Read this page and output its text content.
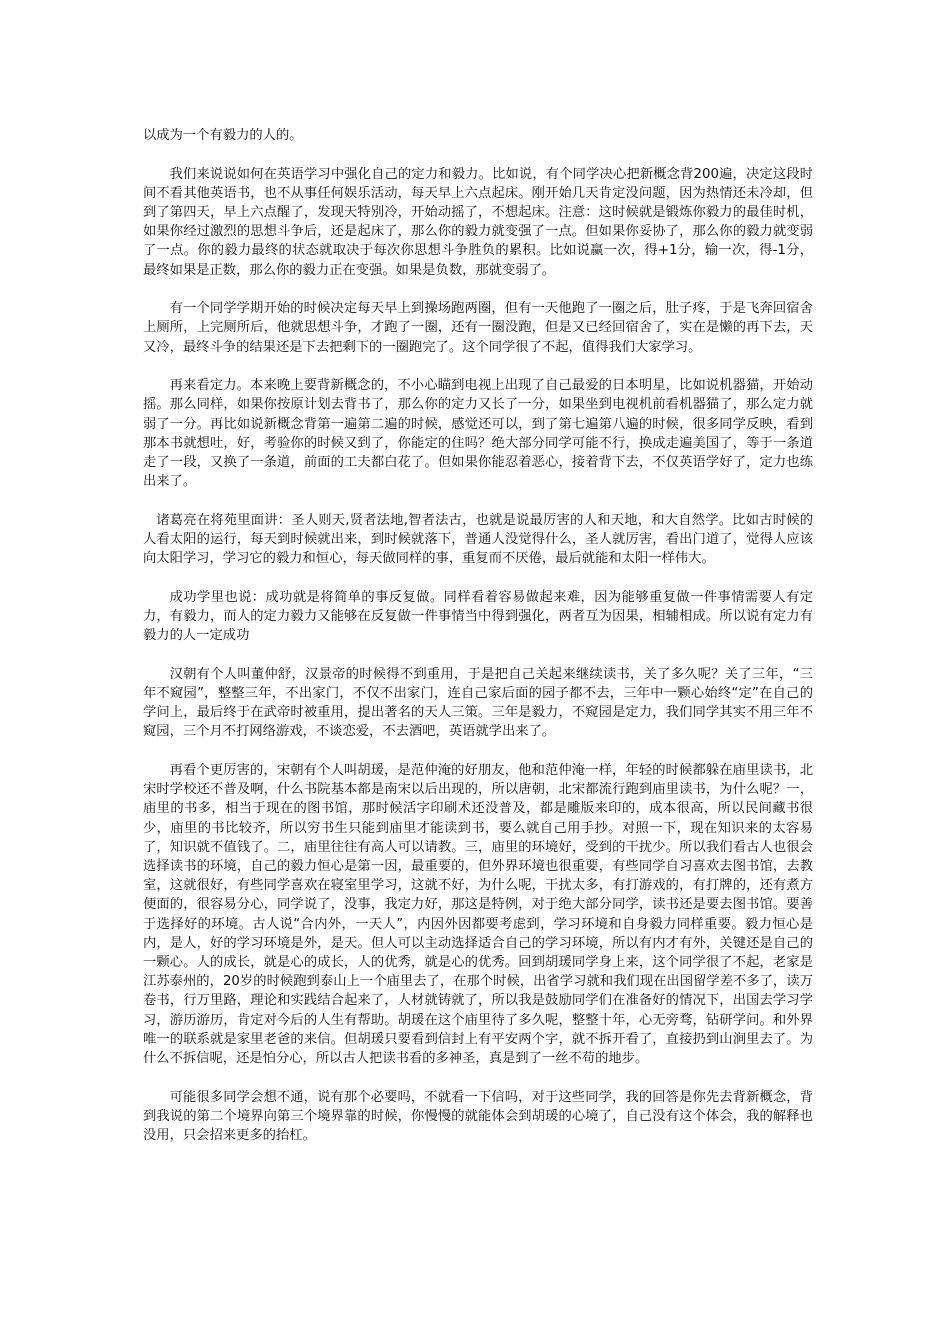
以成为一个有毅力的人的。

我们来说说如何在英语学习中强化自己的定力和毅力。比如说，有个同学决心把新概念背200遍，决定这段时间不看其他英语书，也不从事任何娱乐活动，每天早上六点起床。刚开始几天肯定没问题，因为热情还未冷却，但到了第四天，早上六点醒了，发现天特别冷，开始动摇了，不想起床。注意：这时候就是锻炼你毅力的最佳时机，如果你经过激烈的思想斗争后，还是起床了，那么你的毅力就变强了一点。但如果你妥协了，那么你的毅力就变弱了一点。你的毅力最终的状态就取决于每次你思想斗争胜负的累积。比如说赢一次，得+1分，输一次，得-1分，最终如果是正数，那么你的毅力正在变强。如果是负数，那就变弱了。

有一个同学学期开始的时候决定每天早上到操场跑两圈，但有一天他跑了一圈之后，肚子疼，于是飞奔回宿舍上厕所，上完厕所后，他就思想斗争，才跑了一圈，还有一圈没跑，但是又已经回宿舍了，实在是懒的再下去，天又冷，最终斗争的结果还是下去把剩下的一圈跑完了。这个同学很了不起，值得我们大家学习。

再来看定力。本来晚上要背新概念的，不小心瞄到电视上出现了自己最爱的日本明星，比如说机器猫，开始动摇。那么同样，如果你按原计划去背书了，那么你的定力又长了一分，如果坐到电视机前看机器猫了，那么定力就弱了一分。再比如说新概念背第一遍第二遍的时候，感觉还可以，到了第七遍第八遍的时候，很多同学反映，看到那本书就想吐，好，考验你的时候又到了，你能定的住吗？绝大部分同学可能不行，换成走遍美国了，等于一条道走了一段，又换了一条道，前面的工夫都白花了。但如果你能忍着恶心，接着背下去，不仅英语学好了，定力也练出来了。

诸葛亮在将苑里面讲：圣人则天,贤者法地,智者法古，也就是说最厉害的人和天地，和大自然学。比如古时候的人看太阳的运行，每天到时候就出来，到时候就落下，普通人没觉得什么，圣人就厉害，看出门道了，觉得人应该向太阳学习，学习它的毅力和恒心，每天做同样的事，重复而不厌倦，最后就能和太阳一样伟大。

成功学里也说：成功就是将简单的事反复做。同样看着容易做起来难，因为能够重复做一件事情需要人有定力，有毅力，而人的定力毅力又能够在反复做一件事情当中得到强化，两者互为因果，相辅相成。所以说有定力有毅力的人一定成功

汉朝有个人叫董仲舒，汉景帝的时候得不到重用，于是把自己关起来继续读书，关了多久呢？关了三年，“三年不窥园”，整整三年，不出家门，不仅不出家门，连自己家后面的园子都不去，三年中一颗心始终“定”在自己的学问上，最后终于在武帝时被重用，提出著名的天人三策。三年是毅力，不窥园是定力，我们同学其实不用三年不窥园，三个月不打网络游戏，不谈恋爱，不去酒吧，英语就学出来了。

再看个更厉害的，宋朝有个人叫胡瑗，是范仲淹的好朋友，他和范仲淹一样，年轻的时候都躲在庙里读书，北宋时学校还不普及啊，什么书院基本都是南宋以后出现的，所以唐朝，北宋都流行跑到庙里读书，为什么呢？一，庙里的书多，相当于现在的图书馆，那时候活字印刷术还没普及，都是雕版来印的，成本很高，所以民间藏书很少，庙里的书比较齐，所以穷书生只能到庙里才能读到书，要么就自己用手抄。对照一下，现在知识来的太容易了，知识就不值钱了。二，庙里往往有高人可以请教。三，庙里的环境好，受到的干扰少。所以我们看古人也很会选择读书的环境，自己的毅力恒心是第一因，最重要的，但外界环境也很重要，有些同学自习喜欢去图书馆，去教室，这就很好，有些同学喜欢在寝室里学习，这就不好，为什么呢，干扰太多，有打游戏的，有打牌的，还有煮方便面的，很容易分心，同学说了，没事，我定力好，那这是特例，对于绝大部分同学，读书还是要去图书馆。要善于选择好的环境。古人说“合内外，一天人”，内因外因都要考虑到，学习环境和自身毅力同样重要。毅力恒心是内，是人，好的学习环境是外，是天。但人可以主动选择适合自己的学习环境，所以有内才有外，关键还是自己的一颗心。人的成长，就是心的成长，人的优秀，就是心的优秀。回到胡瑗同学身上来，这个同学很了不起，老家是江苏泰州的，20岁的时候跑到泰山上一个庙里去了，在那个时候，出省学习就和我们现在出国留学差不多了，读万卷书，行万里路，理论和实践结合起来了，人材就铸就了，所以我是鼓励同学们在准备好的情况下，出国去学习学习，游历游历，肯定对今后的人生有帮助。胡瑗在这个庙里待了多久呢，整整十年，心无旁骛，钻研学问。和外界唯一的联系就是家里老爸的来信。但胡瑗只要看到信封上有平安两个字，就不拆开看了，直接扔到山涧里去了。为什么不拆信呢，还是怕分心，所以古人把读书看的多神圣，真是到了一丝不苟的地步。

可能很多同学会想不通，说有那个必要吗，不就看一下信吗，对于这些同学，我的回答是你先去背新概念，背到我说的第二个境界向第三个境界靠的时候，你慢慢的就能体会到胡瑗的心境了，自己没有这个体会，我的解释也没用，只会招来更多的抬杠。
